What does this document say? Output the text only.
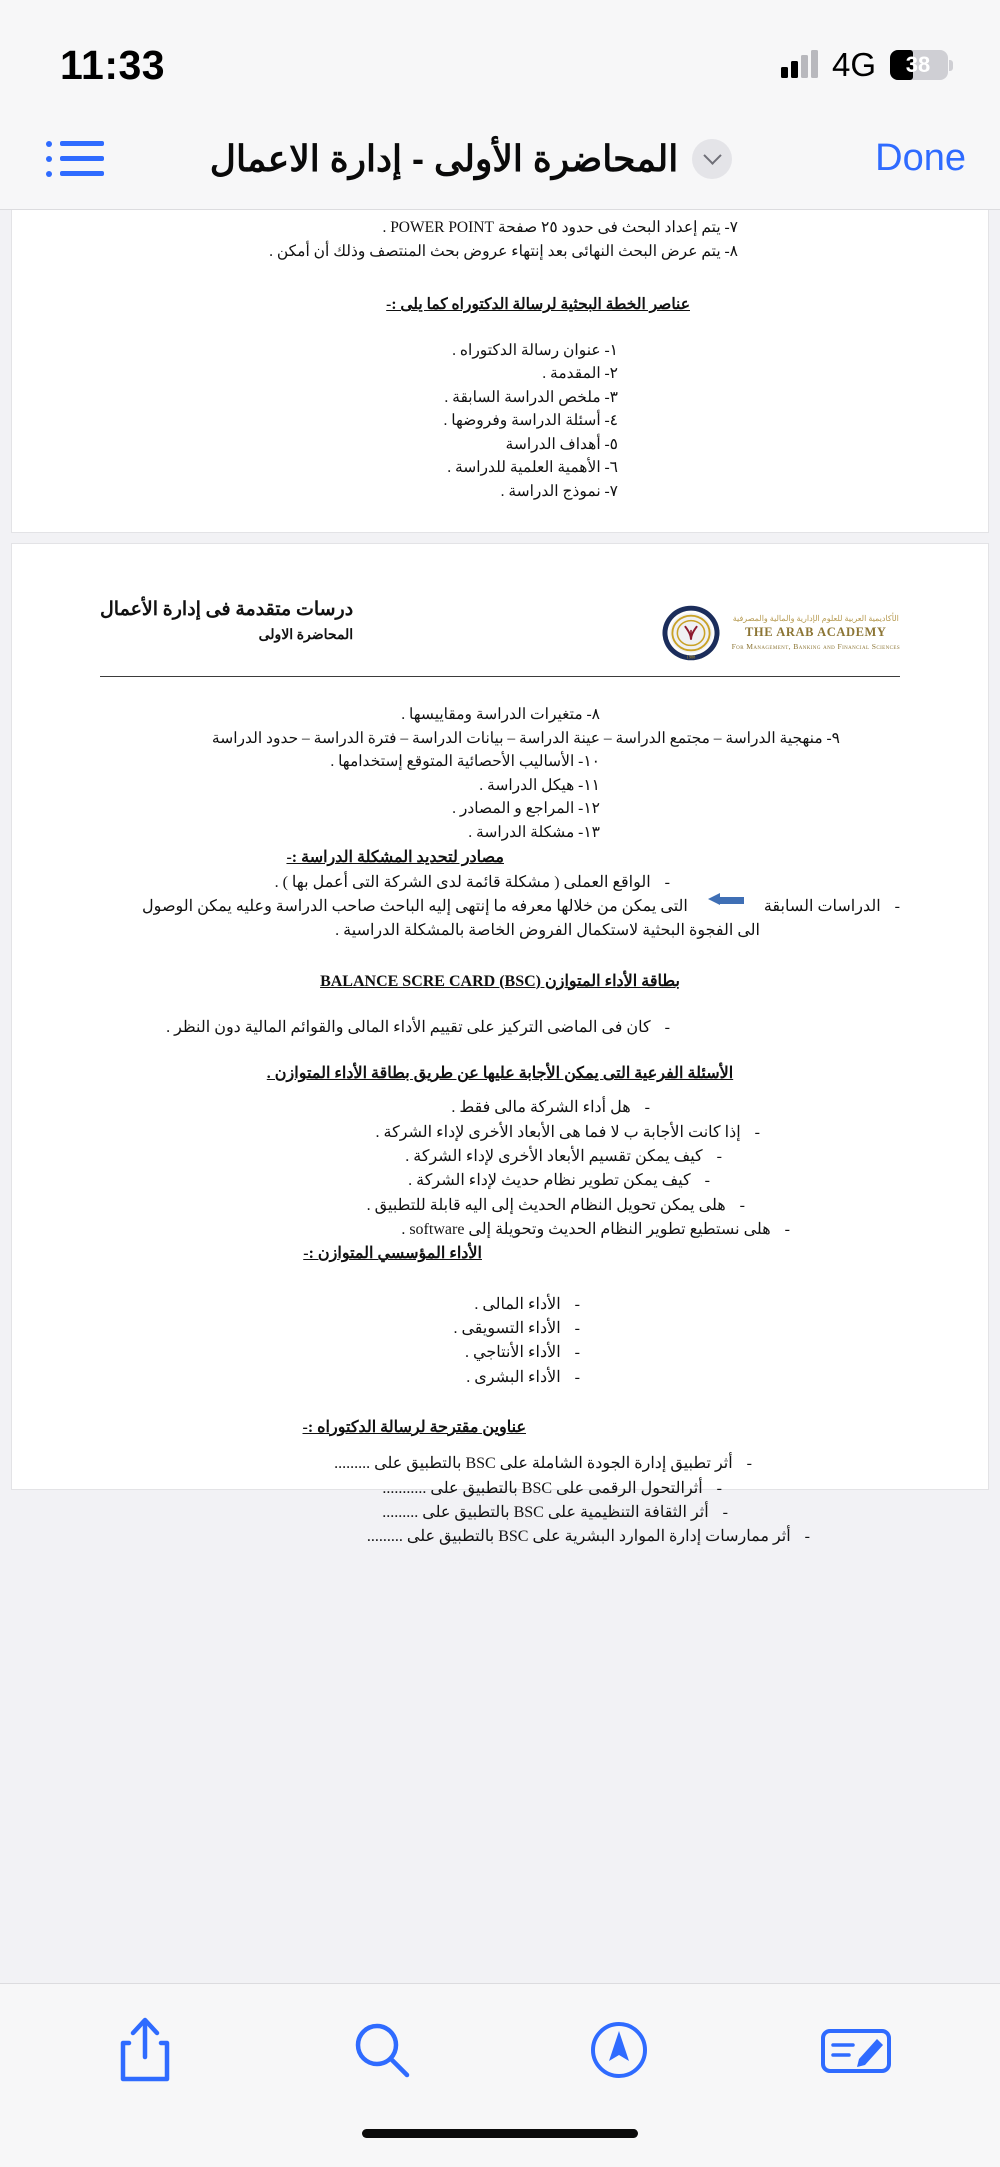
11:33	4G	38
المحاضرة الأولى - إدارة الاعمال	Done
٧- يتم إعداد البحث فى حدود ٢٥ صفحة POWER POINT .
٨- يتم عرض البحث النهائى بعد إنتهاء عروض بحث المنتصف وذلك أن أمكن .
عناصر الخطة البحثية لرسالة الدكتوراه كما يلى :-
١- عنوان رسالة الدكتوراه .
٢- المقدمة .
٣- ملخص الدراسة السابقة .
٤- أسئلة الدراسة وفروضها .
٥- أهداف الدراسة
٦- الأهمية العلمية للدراسة .
٧- نموذج الدراسة .
درسات متقدمة فى إدارة الأعمال
المحاضرة الاولى
1988
الأكاديمية العربية للعلوم الإدارية والمالية والمصرفية
THE ARAB ACADEMY
For Management, Banking and Financial Sciences
٨- متغيرات الدراسة ومقاييسها .
٩- منهجية الدراسة – مجتمع الدراسة – عينة الدراسة – بيانات الدراسة – فترة الدراسة – حدود الدراسة
١٠- الأساليب الأحصائية المتوقع إستخدامها .
١١- هيكل الدراسة .
١٢- المراجع و المصادر .
١٣- مشكلة الدراسة .
مصادر لتحديد المشكلة الدراسة :-
-
الواقع العملى ( مشكلة قائمة لدى الشركة التى أعمل بها ) .
-
الدراسات السابقة
التى يمكن من خلالها معرفه ما إنتهى إليه الباحث صاحب الدراسة وعليه يمكن الوصول
الى الفجوة البحثية لاستكمال الفروض الخاصة بالمشكلة الدراسية .
بطاقة الأداء المتوازن BALANCE SCRE CARD (BSC)
-
كان فى الماضى التركيز على تقييم الأداء المالى والقوائم المالية دون النظر .
الأسئلة الفرعية التى يمكن الأجابة عليها عن طريق بطاقة الأداء المتوازن .
-
هل أداء الشركة مالى فقط .
-
إذا كانت الأجابة ب لا فما هى الأبعاد الأخرى لإداء الشركة .
-
كيف يمكن تقسيم الأبعاد الأخرى لإداء الشركة .
-
كيف يمكن تطوير نظام حديث لإداء الشركة .
-
هلى يمكن تحويل النظام الحديث إلى اليه قابلة للتطبيق .
-
هلى نستطيع تطوير النظام الحديث وتحويلة إلى software .
الأداء المؤسسي المتوازن :-
-
الأداء المالى .
-
الأداء التسويقى .
-
الأداء الأنتاجي .
-
الأداء البشرى .
عناوين مقترحة لرسالة الدكتوراه :-
-
أثر تطبيق إدارة الجودة الشاملة على BSC بالتطبيق على .........
-
أثرالتحول الرقمى على BSC بالتطبيق على ...........
-
أثر الثقافة التنظيمية على BSC بالتطبيق على .........
-
أثر ممارسات إدارة الموارد البشرية على BSC بالتطبيق على .........
